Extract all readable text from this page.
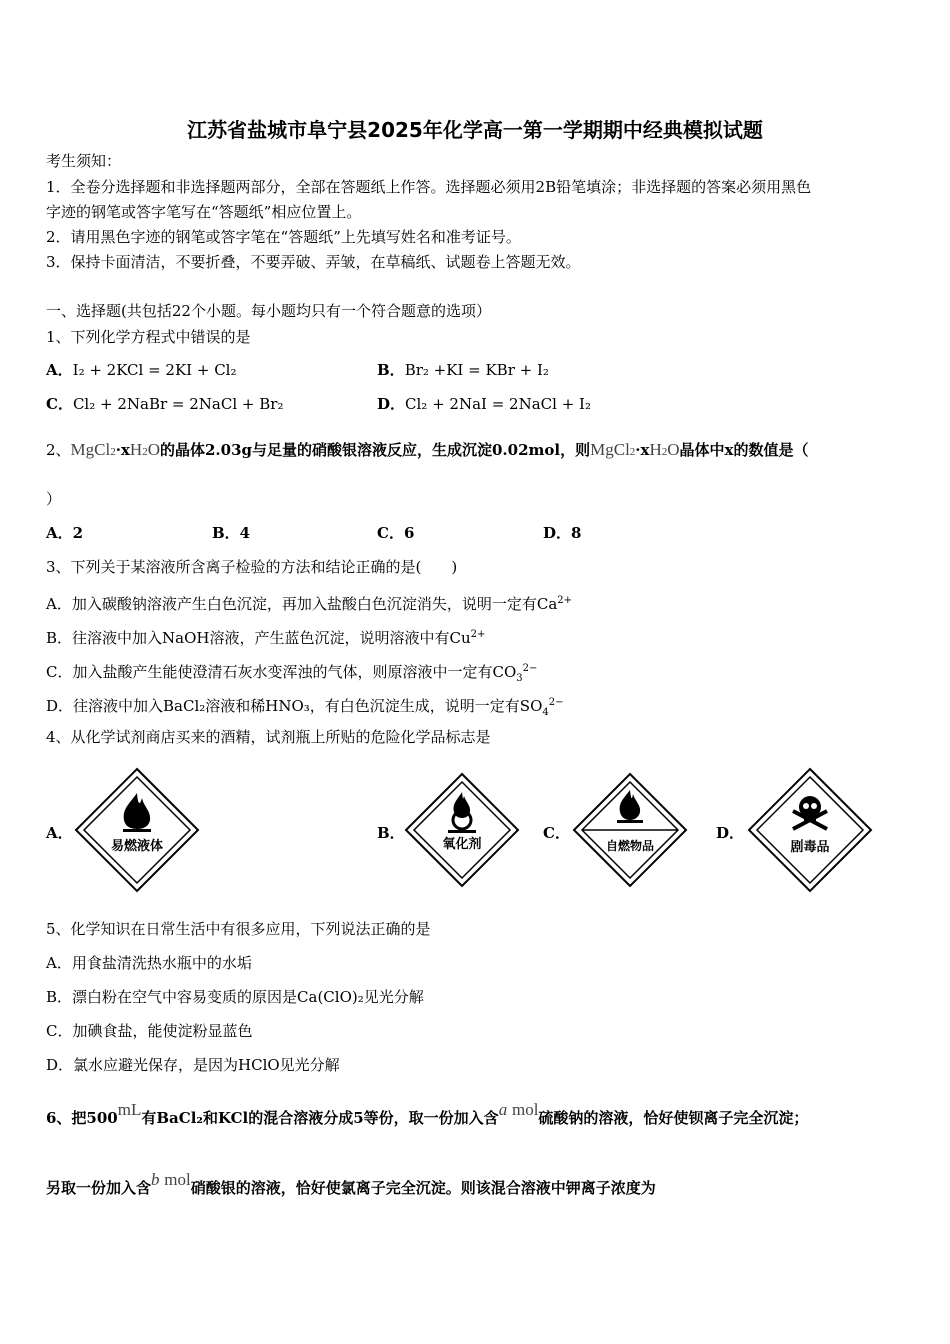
江苏省盐城市阜宁县2025年化学高一第一学期期中经典模拟试题
考生须知：
1．全卷分选择题和非选择题两部分，全部在答题纸上作答。选择题必须用2B铅笔填涂；非选择题的答案必须用黑色
字迹的钢笔或答字笔写在“答题纸”相应位置上。
2．请用黑色字迹的钢笔或答字笔在“答题纸”上先填写姓名和准考证号。
3．保持卡面清洁，不要折叠，不要弄破、弄皱，在草稿纸、试题卷上答题无效。
一、选择题(共包括22个小题。每小题均只有一个符合题意的选项）
1、下列化学方程式中错误的是
A．I₂ + 2KCl = 2KI + Cl₂	B．Br₂ +KI = KBr + I₂
C．Cl₂ + 2NaBr = 2NaCl + Br₂	D．Cl₂ + 2NaI = 2NaCl + I₂
2、MgCl2·xH2O的晶体2.03g与足量的硝酸银溶液反应，生成沉淀0.02mol，则MgCl2·xH2O晶体中x的数值是（
）
A．2	B．4	C．6	D．8
3、下列关于某溶液所含离子检验的方法和结论正确的是(　　)
A．加入碳酸钠溶液产生白色沉淀，再加入盐酸白色沉淀消失，说明一定有$Ca^{2+}$
B．往溶液中加入NaOH溶液，产生蓝色沉淀，说明溶液中有$Cu^{2+}$
C．加入盐酸产生能使澄清石灰水变浑浊的气体，则原溶液中一定有$CO_3^{2-}$
D．往溶液中加入BaCl₂溶液和稀HNO₃，有白色沉淀生成，说明一定有$SO_4^{2-}$
4、从化学试剂商店买来的酒精，试剂瓶上所贴的危险化学品标志是
A．
易燃液体
B．
氧化剂
C．
自燃物品
D．
剧毒品
5、化学知识在日常生活中有很多应用，下列说法正确的是
A．用食盐清洗热水瓶中的水垢
B．漂白粉在空气中容易变质的原因是Ca(ClO)₂见光分解
C．加碘食盐，能使淀粉显蓝色
D．氯水应避光保存，是因为HClO见光分解
6、把500mL有BaCl₂和KCl的混合溶液分成5等份，取一份加入含a mol硫酸钠的溶液，恰好使钡离子完全沉淀；
另取一份加入含b mol硝酸银的溶液，恰好使氯离子完全沉淀。则该混合溶液中钾离子浓度为
